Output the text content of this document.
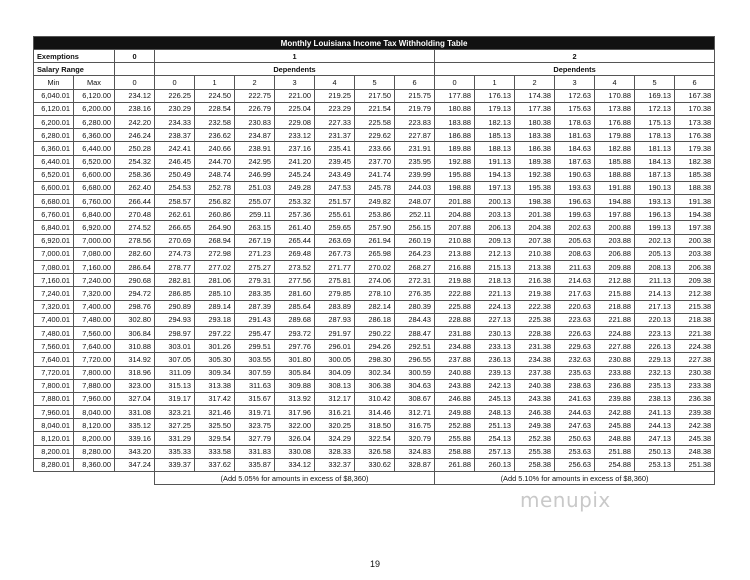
Monthly Louisiana Income Tax Withholding Table																
Exemptions		0	1							2						
Salary Range			Dependents							Dependents						
Min	Max	0	0	1	2	3	4	5	6	0	1	2	3	4	5	6
6,040.01	6,120.00	234.12	226.25	224.50	222.75	221.00	219.25	217.50	215.75	177.88	176.13	174.38	172.63	170.88	169.13	167.38
6,120.01	6,200.00	238.16	230.29	228.54	226.79	225.04	223.29	221.54	219.79	180.88	179.13	177.38	175.63	173.88	172.13	170.38
6,200.01	6,280.00	242.20	234.33	232.58	230.83	229.08	227.33	225.58	223.83	183.88	182.13	180.38	178.63	176.88	175.13	173.38
6,280.01	6,360.00	246.24	238.37	236.62	234.87	233.12	231.37	229.62	227.87	186.88	185.13	183.38	181.63	179.88	178.13	176.38
6,360.01	6,440.00	250.28	242.41	240.66	238.91	237.16	235.41	233.66	231.91	189.88	188.13	186.38	184.63	182.88	181.13	179.38
6,440.01	6,520.00	254.32	246.45	244.70	242.95	241.20	239.45	237.70	235.95	192.88	191.13	189.38	187.63	185.88	184.13	182.38
6,520.01	6,600.00	258.36	250.49	248.74	246.99	245.24	243.49	241.74	239.99	195.88	194.13	192.38	190.63	188.88	187.13	185.38
6,600.01	6,680.00	262.40	254.53	252.78	251.03	249.28	247.53	245.78	244.03	198.88	197.13	195.38	193.63	191.88	190.13	188.38
6,680.01	6,760.00	266.44	258.57	256.82	255.07	253.32	251.57	249.82	248.07	201.88	200.13	198.38	196.63	194.88	193.13	191.38
6,760.01	6,840.00	270.48	262.61	260.86	259.11	257.36	255.61	253.86	252.11	204.88	203.13	201.38	199.63	197.88	196.13	194.38
6,840.01	6,920.00	274.52	266.65	264.90	263.15	261.40	259.65	257.90	256.15	207.88	206.13	204.38	202.63	200.88	199.13	197.38
6,920.01	7,000.00	278.56	270.69	268.94	267.19	265.44	263.69	261.94	260.19	210.88	209.13	207.38	205.63	203.88	202.13	200.38
7,000.01	7,080.00	282.60	274.73	272.98	271.23	269.48	267.73	265.98	264.23	213.88	212.13	210.38	208.63	206.88	205.13	203.38
7,080.01	7,160.00	286.64	278.77	277.02	275.27	273.52	271.77	270.02	268.27	216.88	215.13	213.38	211.63	209.88	208.13	206.38
7,160.01	7,240.00	290.68	282.81	281.06	279.31	277.56	275.81	274.06	272.31	219.88	218.13	216.38	214.63	212.88	211.13	209.38
7,240.01	7,320.00	294.72	286.85	285.10	283.35	281.60	279.85	278.10	276.35	222.88	221.13	219.38	217.63	215.88	214.13	212.38
7,320.01	7,400.00	298.76	290.89	289.14	287.39	285.64	283.89	282.14	280.39	225.88	224.13	222.38	220.63	218.88	217.13	215.38
7,400.01	7,480.00	302.80	294.93	293.18	291.43	289.68	287.93	286.18	284.43	228.88	227.13	225.38	223.63	221.88	220.13	218.38
7,480.01	7,560.00	306.84	298.97	297.22	295.47	293.72	291.97	290.22	288.47	231.88	230.13	228.38	226.63	224.88	223.13	221.38
7,560.01	7,640.00	310.88	303.01	301.26	299.51	297.76	296.01	294.26	292.51	234.88	233.13	231.38	229.63	227.88	226.13	224.38
7,640.01	7,720.00	314.92	307.05	305.30	303.55	301.80	300.05	298.30	296.55	237.88	236.13	234.38	232.63	230.88	229.13	227.38
7,720.01	7,800.00	318.96	311.09	309.34	307.59	305.84	304.09	302.34	300.59	240.88	239.13	237.38	235.63	233.88	232.13	230.38
7,800.01	7,880.00	323.00	315.13	313.38	311.63	309.88	308.13	306.38	304.63	243.88	242.13	240.38	238.63	236.88	235.13	233.38
7,880.01	7,960.00	327.04	319.17	317.42	315.67	313.92	312.17	310.42	308.67	246.88	245.13	243.38	241.63	239.88	238.13	236.38
7,960.01	8,040.00	331.08	323.21	321.46	319.71	317.96	316.21	314.46	312.71	249.88	248.13	246.38	244.63	242.88	241.13	239.38
8,040.01	8,120.00	335.12	327.25	325.50	323.75	322.00	320.25	318.50	316.75	252.88	251.13	249.38	247.63	245.88	244.13	242.38
8,120.01	8,200.00	339.16	331.29	329.54	327.79	326.04	324.29	322.54	320.79	255.88	254.13	252.38	250.63	248.88	247.13	245.38
8,200.01	8,280.00	343.20	335.33	333.58	331.83	330.08	328.33	326.58	324.83	258.88	257.13	255.38	253.63	251.88	250.13	248.38
8,280.01	8,360.00	347.24	339.37	337.62	335.87	334.12	332.37	330.62	328.87	261.88	260.13	258.38	256.63	254.88	253.13	251.38
			(Add 5.05% for amounts in excess of $8,360)							(Add 5.10% for amounts in excess of $8,360)						
menupix
19
